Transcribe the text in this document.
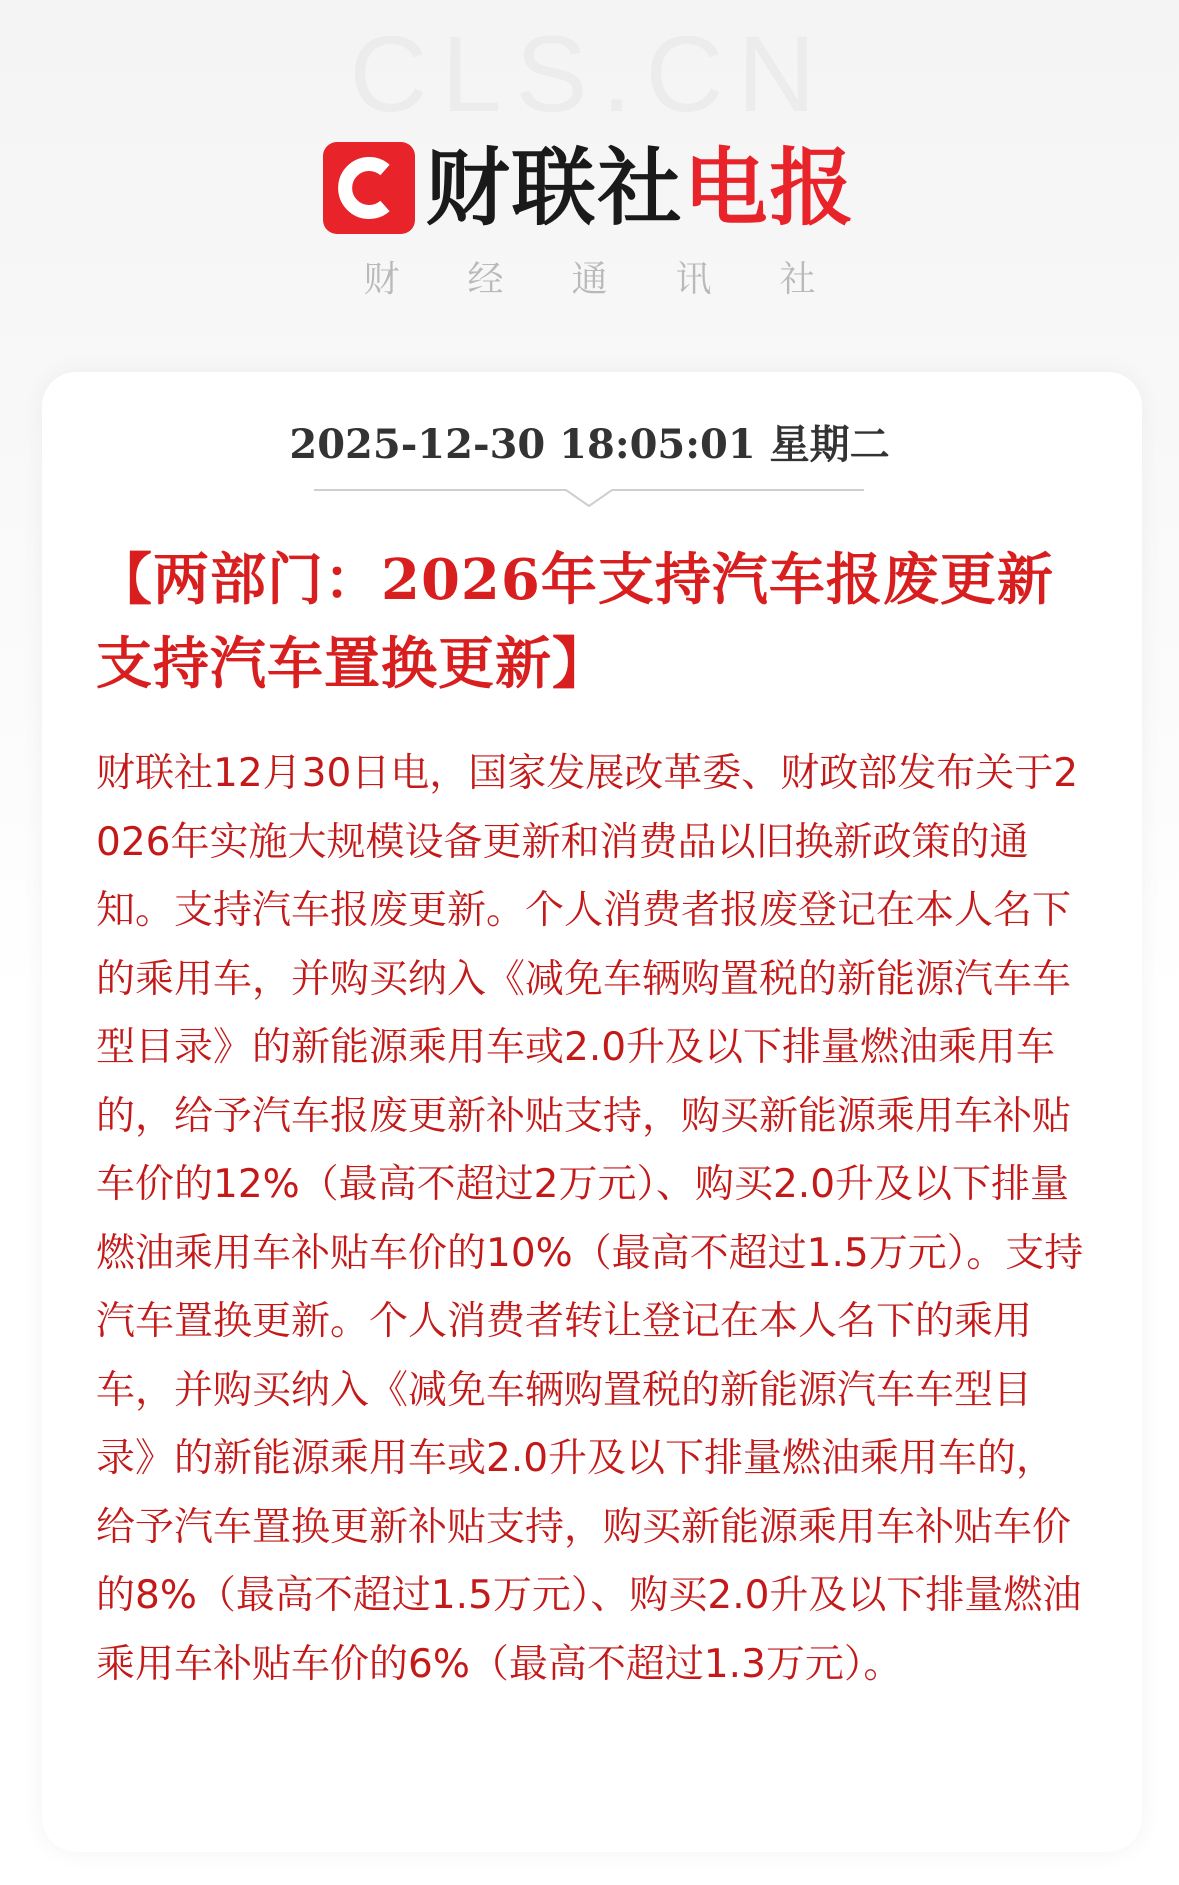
CLS.CN
财联社 电报
财 经 通 讯 社
2025-12-30 18:05:01 星期二
【两部门：2026年支持汽车报废更新支持汽车置换更新】

财联社12月30日电，国家发展改革委、财政部发布关于2026年实施大规模设备更新和消费品以旧换新政策的通知。支持汽车报废更新。个人消费者报废登记在本人名下的乘用车，并购买纳入《减免车辆购置税的新能源汽车车型目录》的新能源乘用车或2.0升及以下排量燃油乘用车的，给予汽车报废更新补贴支持，购买新能源乘用车补贴车价的12%（最高不超过2万元）、购买2.0升及以下排量燃油乘用车补贴车价的10%（最高不超过1.5万元）。支持汽车置换更新。个人消费者转让登记在本人名下的乘用车，并购买纳入《减免车辆购置税的新能源汽车车型目录》的新能源乘用车或2.0升及以下排量燃油乘用车的，给予汽车置换更新补贴支持，购买新能源乘用车补贴车价的8%（最高不超过1.5万元）、购买2.0升及以下排量燃油乘用车补贴车价的6%（最高不超过1.3万元）。
